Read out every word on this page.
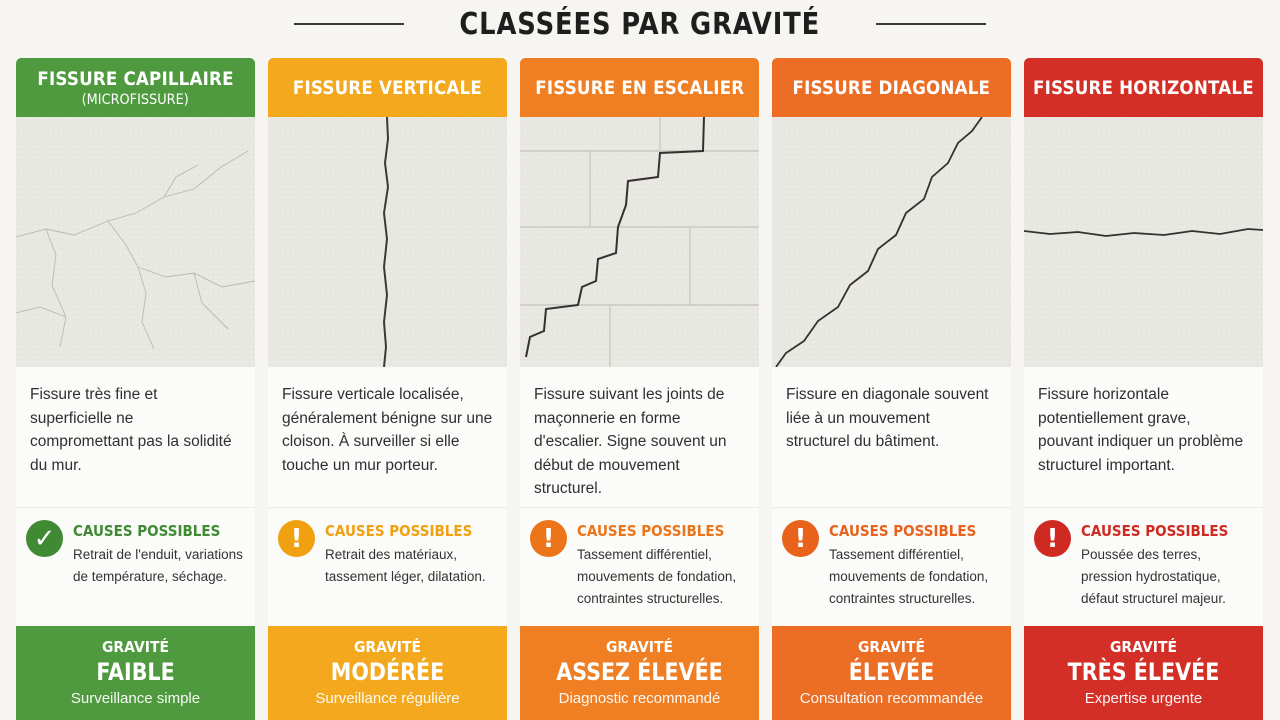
CLASSÉES PAR GRAVITÉ
FISSURE CAPILLAIRE
(MICROFISSURE)
Fissure très fine et superficielle ne compromettant pas la solidité du mur.
✓	CAUSES POSSIBLES
Retrait de l'enduit, variations de température, séchage.
GRAVITÉ
FAIBLE
Surveillance simple
FISSURE VERTICALE
Fissure verticale localisée, généralement bénigne sur une cloison. À surveiller si elle touche un mur porteur.
!	CAUSES POSSIBLES
Retrait des matériaux, tassement léger, dilatation.
GRAVITÉ
MODÉRÉE
Surveillance régulière
FISSURE EN ESCALIER
Fissure suivant les joints de maçonnerie en forme d'escalier. Signe souvent un début de mouvement structurel.
!	CAUSES POSSIBLES
Tassement différentiel, mouvements de fondation, contraintes structurelles.
GRAVITÉ
ASSEZ ÉLEVÉE
Diagnostic recommandé
FISSURE DIAGONALE
Fissure en diagonale souvent liée à un mouvement structurel du bâtiment.
!	CAUSES POSSIBLES
Tassement différentiel, mouvements de fondation, contraintes structurelles.
GRAVITÉ
ÉLEVÉE
Consultation recommandée
FISSURE HORIZONTALE
Fissure horizontale potentiellement grave, pouvant indiquer un problème structurel important.
!	CAUSES POSSIBLES
Poussée des terres, pression hydrostatique, défaut structurel majeur.
GRAVITÉ
TRÈS ÉLEVÉE
Expertise urgente
